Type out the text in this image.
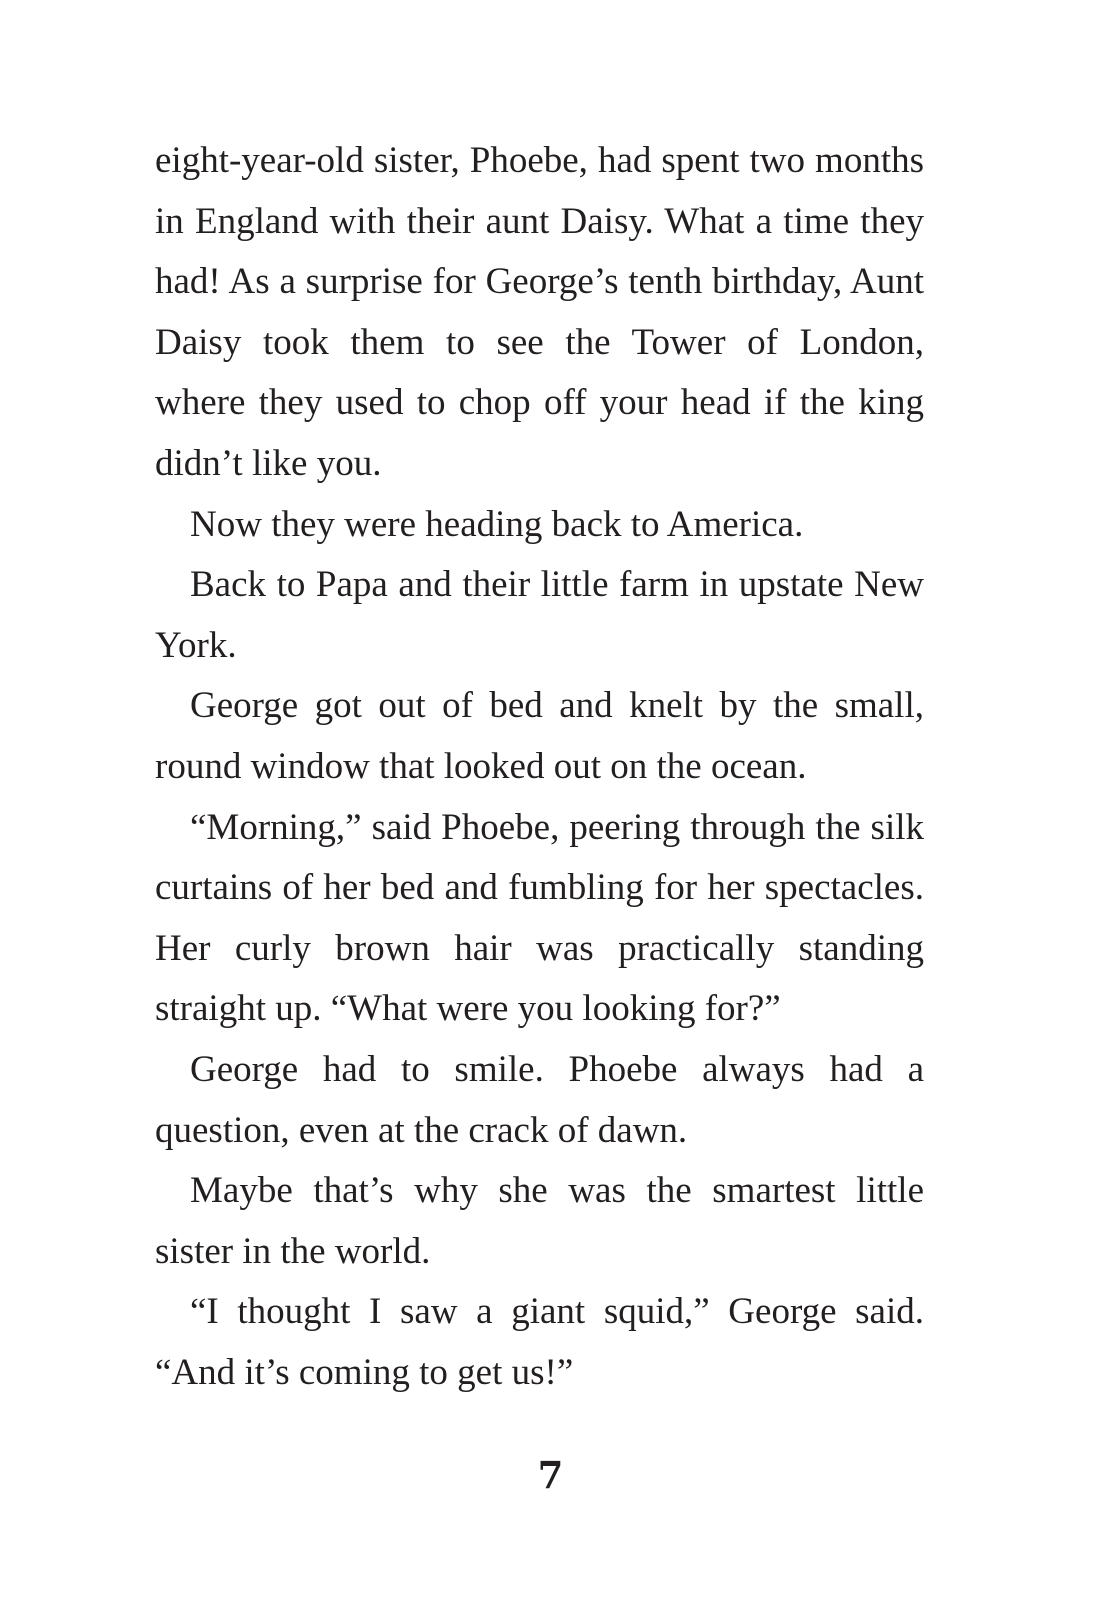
eight-year-old sister, Phoebe, had spent two months in England with their aunt Daisy. What a time they had! As a surprise for George’s tenth birthday, Aunt Daisy took them to see the Tower of London, where they used to chop off your head if the king didn’t like you.

Now they were heading back to America.

Back to Papa and their little farm in upstate New York.

George got out of bed and knelt by the small, round window that looked out on the ocean.

“Morning,” said Phoebe, peering through the silk curtains of her bed and fumbling for her spectacles. Her curly brown hair was practically standing straight up. “What were you looking for?”

George had to smile. Phoebe always had a question, even at the crack of dawn.

Maybe that’s why she was the smartest little sister in the world.

“I thought I saw a giant squid,” George said. “And it’s coming to get us!”

7
